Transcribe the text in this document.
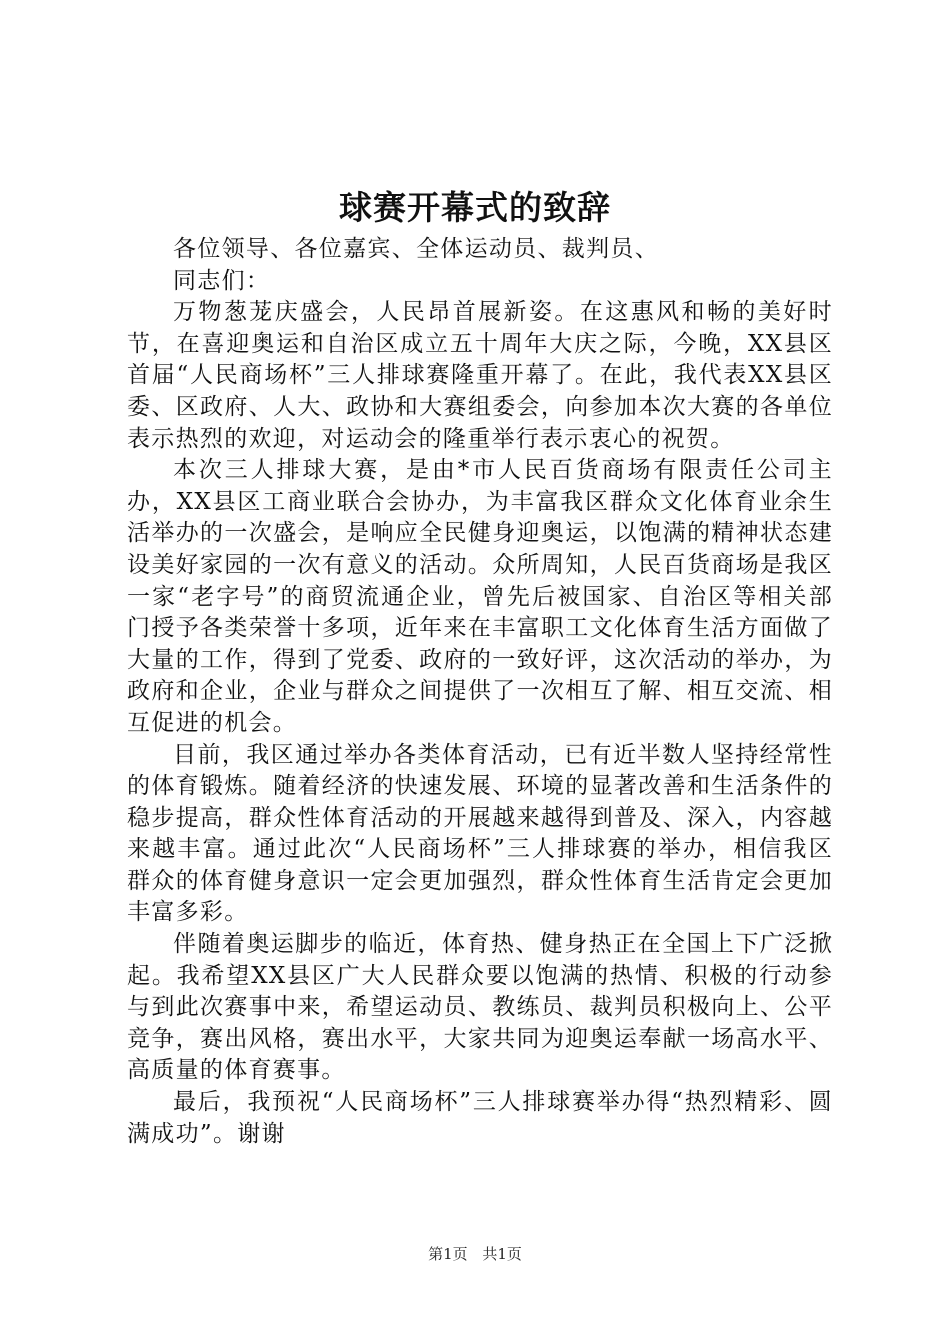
球赛开幕式的致辞

各位领导、各位嘉宾、全体运动员、裁判员、

同志们：

万物葱茏庆盛会，人民昂首展新姿。在这惠风和畅的美好时节，在喜迎奥运和自治区成立五十周年大庆之际，今晚，XX县区首届“人民商场杯”三人排球赛隆重开幕了。在此，我代表XX县区委、区政府、人大、政协和大赛组委会，向参加本次大赛的各单位表示热烈的欢迎，对运动会的隆重举行表示衷心的祝贺。

本次三人排球大赛，是由*市人民百货商场有限责任公司主办，XX县区工商业联合会协办，为丰富我区群众文化体育业余生活举办的一次盛会，是响应全民健身迎奥运，以饱满的精神状态建设美好家园的一次有意义的活动。众所周知，人民百货商场是我区一家“老字号”的商贸流通企业，曾先后被国家、自治区等相关部门授予各类荣誉十多项，近年来在丰富职工文化体育生活方面做了大量的工作，得到了党委、政府的一致好评，这次活动的举办，为政府和企业，企业与群众之间提供了一次相互了解、相互交流、相互促进的机会。

目前，我区通过举办各类体育活动，已有近半数人坚持经常性的体育锻炼。随着经济的快速发展、环境的显著改善和生活条件的稳步提高，群众性体育活动的开展越来越得到普及、深入，内容越来越丰富。通过此次“人民商场杯”三人排球赛的举办，相信我区群众的体育健身意识一定会更加强烈，群众性体育生活肯定会更加丰富多彩。

伴随着奥运脚步的临近，体育热、健身热正在全国上下广泛掀起。我希望XX县区广大人民群众要以饱满的热情、积极的行动参与到此次赛事中来，希望运动员、教练员、裁判员积极向上、公平竞争，赛出风格，赛出水平，大家共同为迎奥运奉献一场高水平、高质量的体育赛事。

最后，我预祝“人民商场杯”三人排球赛举办得“热烈精彩、圆满成功”。谢谢

第1页 共1页
